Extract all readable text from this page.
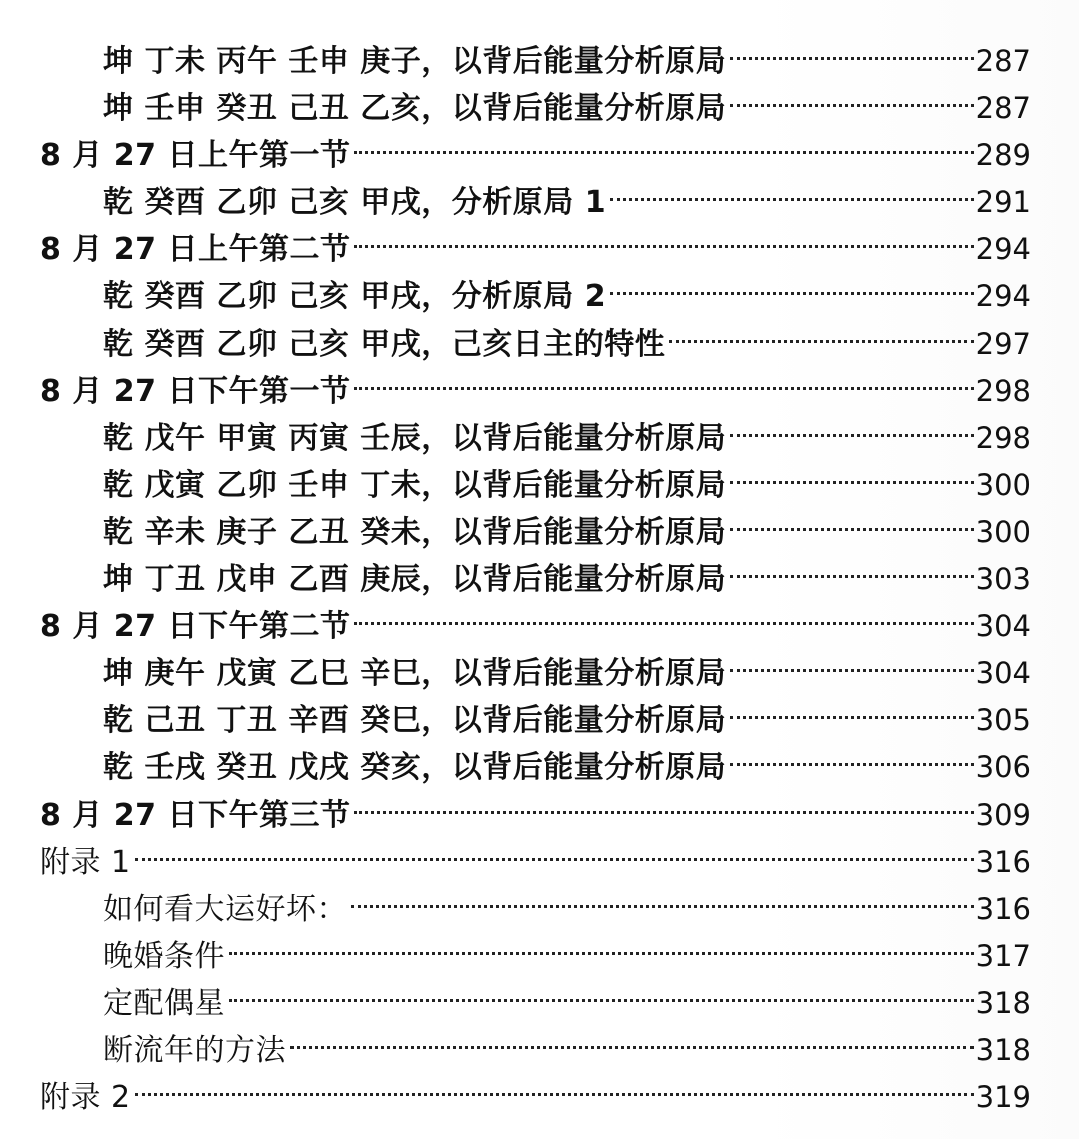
坤 丁未 丙午 壬申 庚子，以背后能量分析原局	287
坤 壬申 癸丑 己丑 乙亥，以背后能量分析原局	287
8 月 27 日上午第一节	289
乾 癸酉 乙卯 己亥 甲戌，分析原局 1	291
8 月 27 日上午第二节	294
乾 癸酉 乙卯 己亥 甲戌，分析原局 2	294
乾 癸酉 乙卯 己亥 甲戌，己亥日主的特性	297
8 月 27 日下午第一节	298
乾 戊午 甲寅 丙寅 壬辰，以背后能量分析原局	298
乾 戊寅 乙卯 壬申 丁未，以背后能量分析原局	300
乾 辛未 庚子 乙丑 癸未，以背后能量分析原局	300
坤 丁丑 戊申 乙酉 庚辰，以背后能量分析原局	303
8 月 27 日下午第二节	304
坤 庚午 戊寅 乙巳 辛巳，以背后能量分析原局	304
乾 己丑 丁丑 辛酉 癸巳，以背后能量分析原局	305
乾 壬戌 癸丑 戊戌 癸亥，以背后能量分析原局	306
8 月 27 日下午第三节	309
附录 1	316
如何看大运好坏：	316
晚婚条件	317
定配偶星	318
断流年的方法	318
附录 2	319
